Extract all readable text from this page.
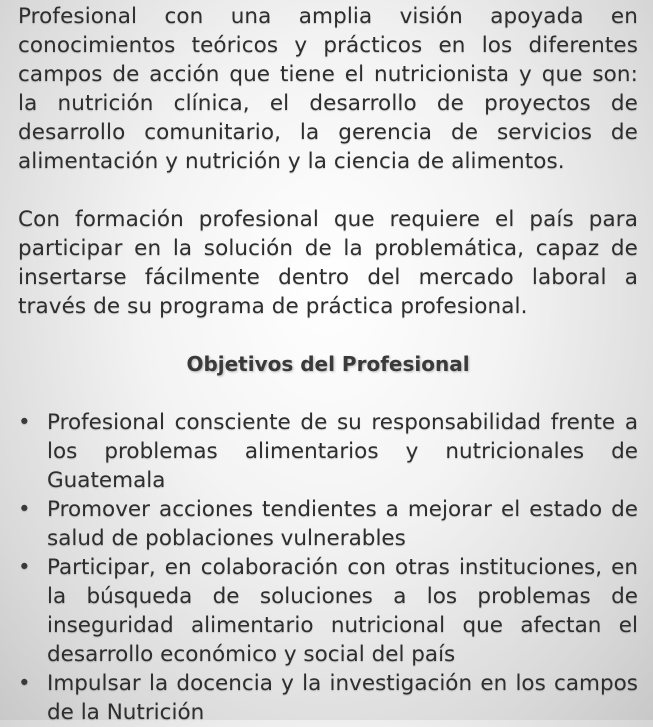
Profesional con una amplia visión apoyada en conocimientos teóricos y prácticos en los diferentes campos de acción que tiene el nutricionista y que son: la nutrición clínica, el desarrollo de proyectos de desarrollo comunitario, la gerencia de servicios de alimentación y nutrición y la ciencia de alimentos.

Con formación profesional que requiere el país para participar en la solución de la problemática, capaz de insertarse fácilmente dentro del mercado laboral a través de su programa de práctica profesional.

Objetivos del Profesional
• Profesional consciente de su responsabilidad frente a los problemas alimentarios y nutricionales de Guatemala
• Promover acciones tendientes a mejorar el estado de salud de poblaciones vulnerables
• Participar, en colaboración con otras instituciones, en la búsqueda de soluciones a los problemas de inseguridad alimentario nutricional que afectan el desarrollo económico y social del país
• Impulsar la docencia y la investigación en los campos de la Nutrición
